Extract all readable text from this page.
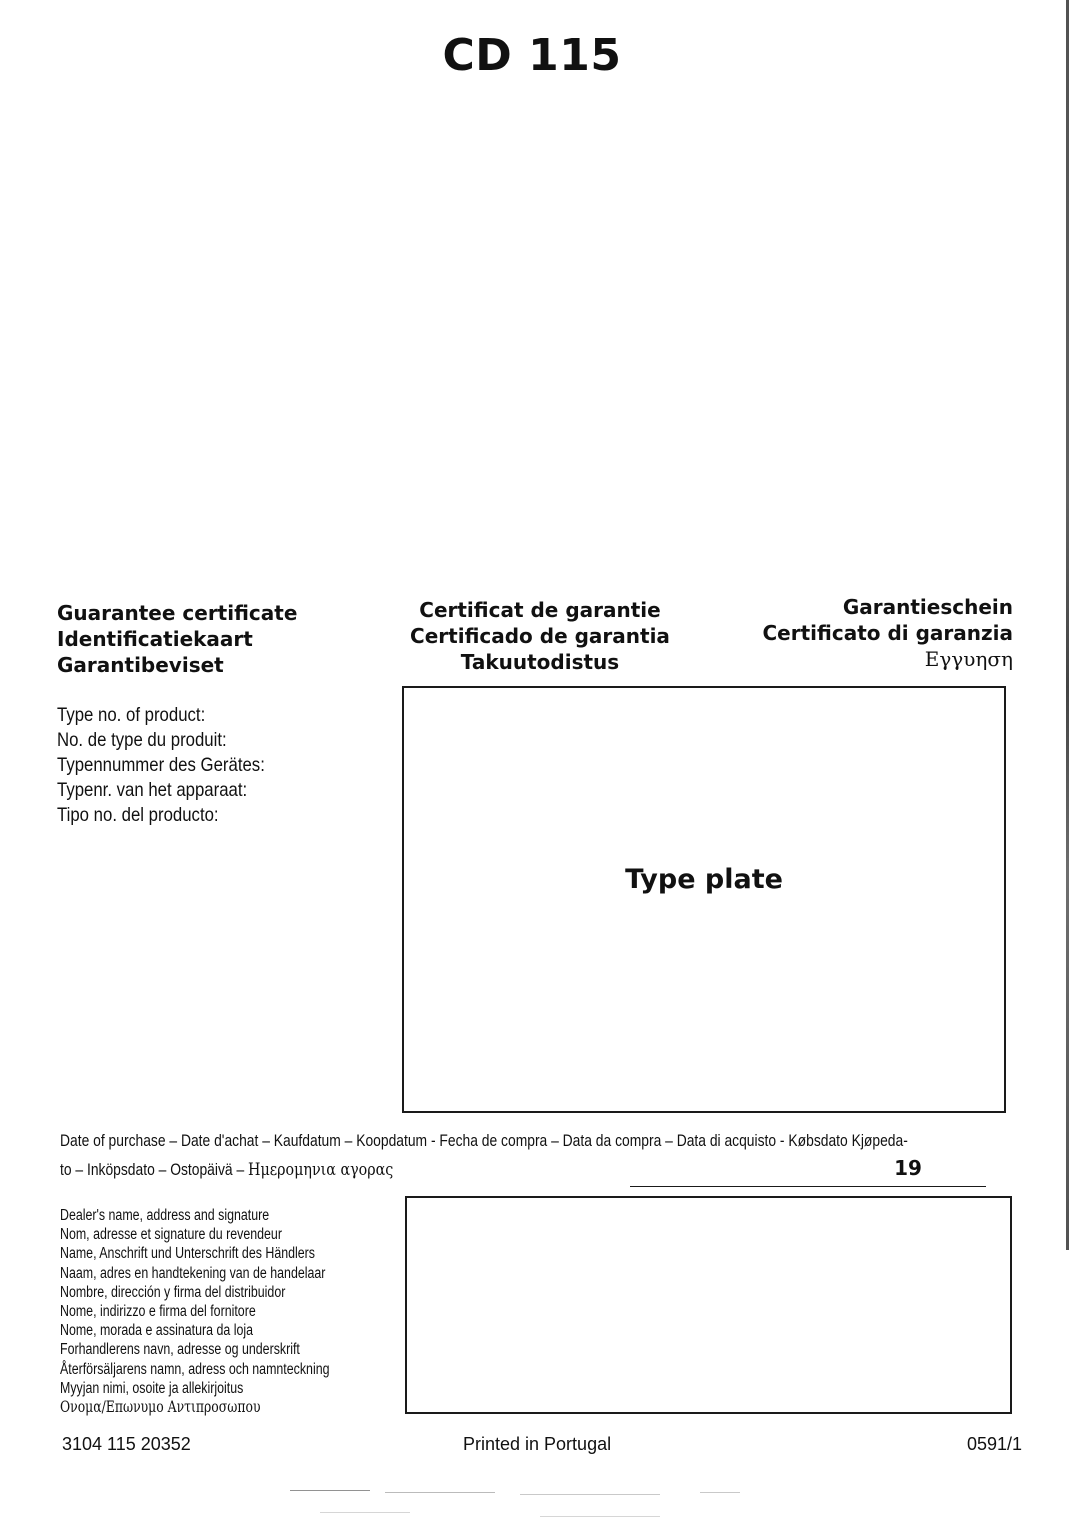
CD 115
Guarantee certificate
Identificatiekaart
Garantibeviset
Certificat de garantie
Certificado de garantia
Takuutodistus
Garantieschein
Certificato di garanzia
Εγγυηση
Type no. of product:
No. de type du produit:
Typennummer des Gerätes:
Typenr. van het apparaat:
Tipo no. del producto:
Type plate
Date of purchase – Date d'achat – Kaufdatum – Koopdatum - Fecha de compra – Data da compra – Data di acquisto - Købsdato Kjøpeda-
to – Inköpsdato – Ostopäivä – Ημερομηνια αγορας	19
Dealer's name, address and signature
Nom, adresse et signature du revendeur
Name, Anschrift und Unterschrift des Händlers
Naam, adres en handtekening van de handelaar
Nombre, dirección y firma del distribuidor
Nome, indirizzo e firma del fornitore
Nome, morada e assinatura da loja
Forhandlerens navn, adresse og underskrift
Återförsäljarens namn, adress och namnteckning
Myyjan nimi, osoite ja allekirjoitus
Ονομα/Επωνυμο Αντιπροσωπου
3104 115 20352	Printed in Portugal	0591/1
